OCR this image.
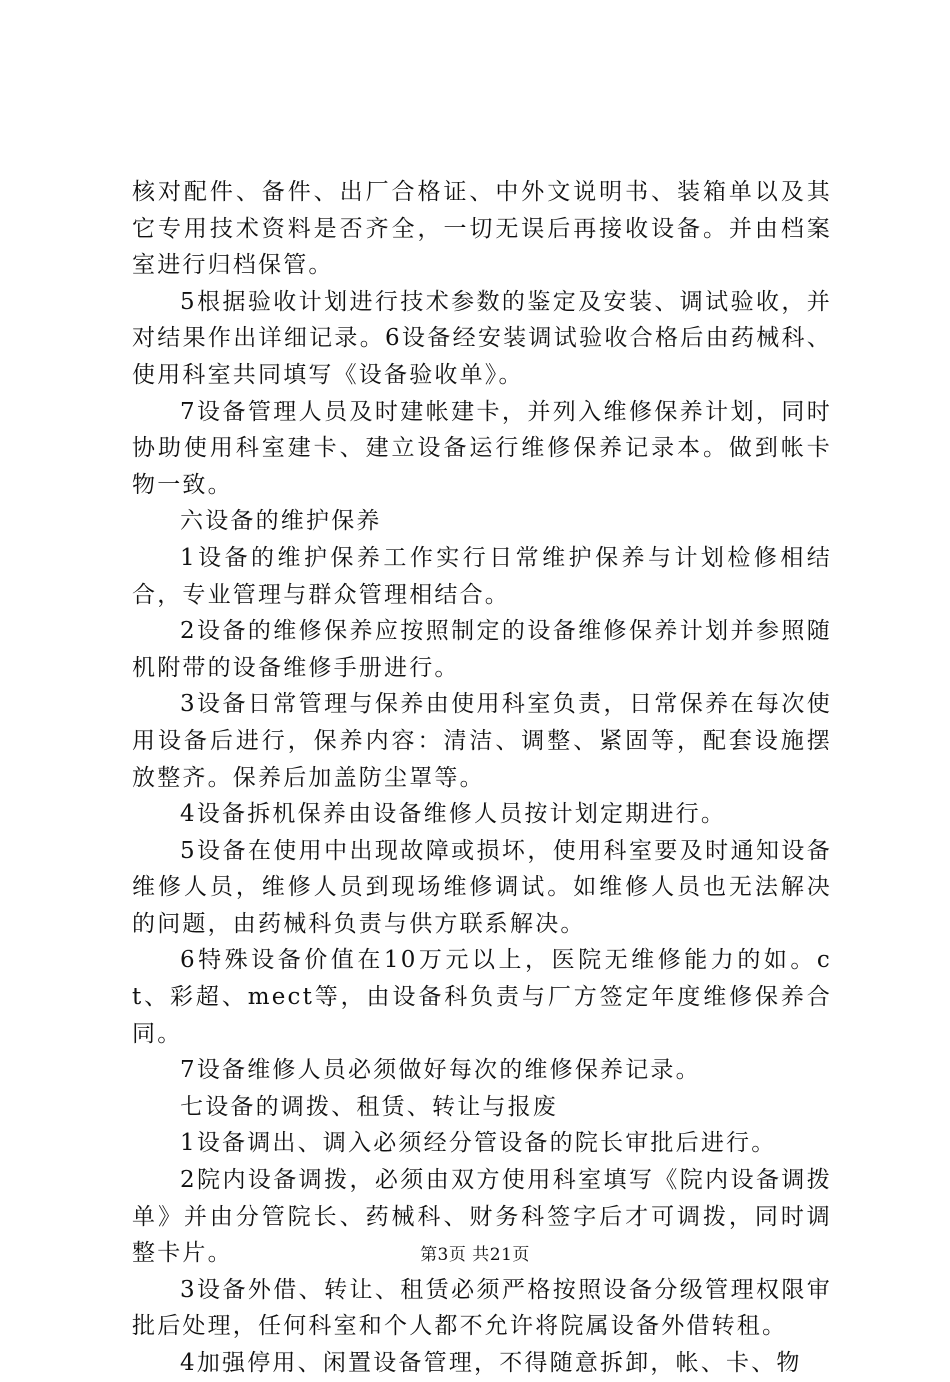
核对配件、备件、出厂合格证、中外文说明书、装箱单以及其它专用技术资料是否齐全，一切无误后再接收设备。并由档案室进行归档保管。

5根据验收计划进行技术参数的鉴定及安装、调试验收，并对结果作出详细记录。6设备经安装调试验收合格后由药械科、使用科室共同填写《设备验收单》。

7设备管理人员及时建帐建卡，并列入维修保养计划，同时协助使用科室建卡、建立设备运行维修保养记录本。做到帐卡物一致。

六设备的维护保养

1设备的维护保养工作实行日常维护保养与计划检修相结合，专业管理与群众管理相结合。

2设备的维修保养应按照制定的设备维修保养计划并参照随机附带的设备维修手册进行。

3设备日常管理与保养由使用科室负责，日常保养在每次使用设备后进行，保养内容：清洁、调整、紧固等，配套设施摆放整齐。保养后加盖防尘罩等。

4设备拆机保养由设备维修人员按计划定期进行。

5设备在使用中出现故障或损坏，使用科室要及时通知设备维修人员，维修人员到现场维修调试。如维修人员也无法解决的问题，由药械科负责与供方联系解决。

6特殊设备价值在10万元以上，医院无维修能力的如。ct、彩超、mect等，由设备科负责与厂方签定年度维修保养合同。

7设备维修人员必须做好每次的维修保养记录。

七设备的调拨、租赁、转让与报废

1设备调出、调入必须经分管设备的院长审批后进行。

2院内设备调拨，必须由双方使用科室填写《院内设备调拨单》并由分管院长、药械科、财务科签字后才可调拨，同时调整卡片。

3设备外借、转让、租赁必须严格按照设备分级管理权限审批后处理，任何科室和个人都不允许将院属设备外借转租。

4加强停用、闲置设备管理，不得随意拆卸，帐、卡、物

第3页 共21页
